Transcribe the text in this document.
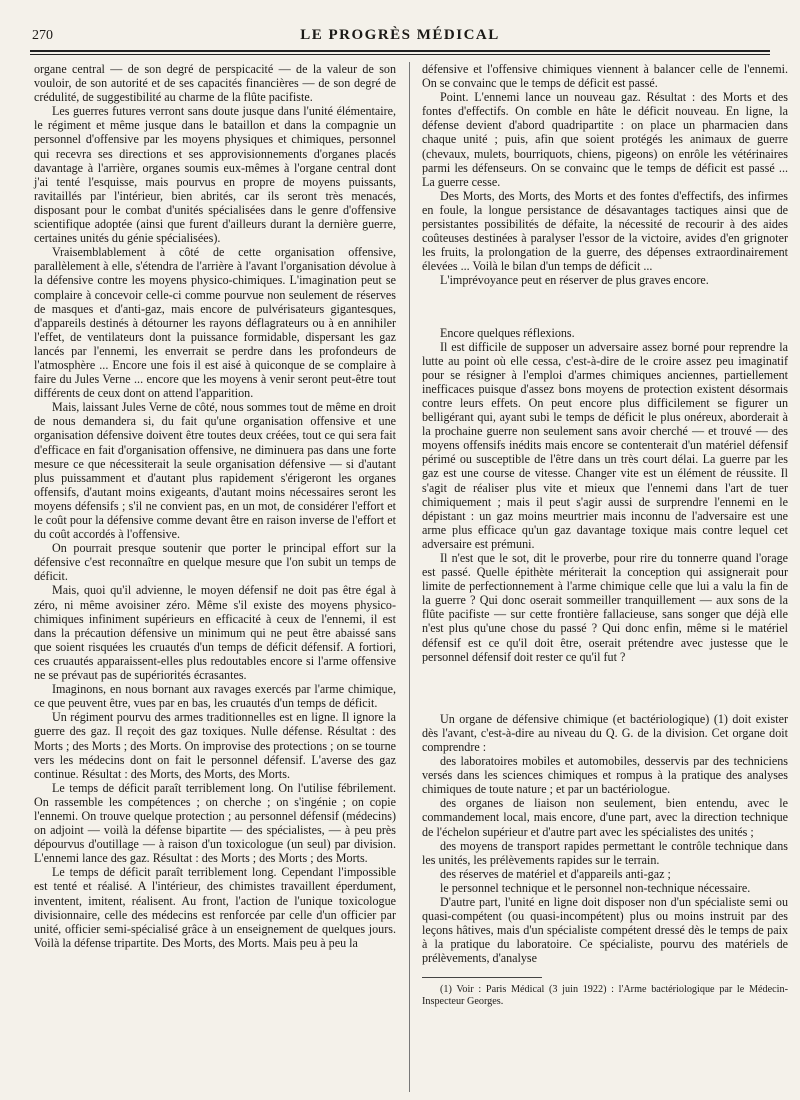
270	LE PROGRÈS MÉDICAL

organe central — de son degré de perspicacité — de la valeur de son vouloir, de son autorité et de ses capacités financières — de son degré de crédulité, de suggestibilité au charme de la flûte pacifiste.

Les guerres futures verront sans doute jusque dans l'unité élémentaire, le régiment et même jusque dans le bataillon et dans la compagnie un personnel d'offensive par les moyens physiques et chimiques, personnel qui recevra ses directions et ses approvisionnements d'organes placés davantage à l'arrière, organes soumis eux-mêmes à l'organe central dont j'ai tenté l'esquisse, mais pourvus en propre de moyens puissants, ravitaillés par l'intérieur, bien abrités, car ils seront très menacés, disposant pour le combat d'unités spécialisées dans le genre d'offensive scientifique adoptée (ainsi que furent d'ailleurs durant la dernière guerre, certaines unités du génie spécialisées).

Vraisemblablement à côté de cette organisation offensive, parallèlement à elle, s'étendra de l'arrière à l'avant l'organisation dévolue à la défensive contre les moyens physico-chimiques. L'imagination peut se complaire à concevoir celle-ci comme pourvue non seulement de réserves de masques et d'anti-gaz, mais encore de pulvérisateurs gigantesques, d'appareils destinés à détourner les rayons déflagrateurs ou à en annihiler l'effet, de ventilateurs dont la puissance formidable, dispersant les gaz lancés par l'ennemi, les enverrait se perdre dans les profondeurs de l'atmosphère ... Encore une fois il est aisé à quiconque de se complaire à faire du Jules Verne ... encore que les moyens à venir seront peut-être tout différents de ceux dont on attend l'apparition.

Mais, laissant Jules Verne de côté, nous sommes tout de même en droit de nous demandera si, du fait qu'une organisation offensive et une organisation défensive doivent être toutes deux créées, tout ce qui sera fait d'efficace en fait d'organisation offensive, ne diminuera pas dans une forte mesure ce que nécessiterait la seule organisation défensive — si d'autant plus puissamment et d'autant plus rapidement s'érigeront les organes offensifs, d'autant moins exigeants, d'autant moins nécessaires seront les moyens défensifs ; s'il ne convient pas, en un mot, de considérer l'effort et le coût pour la défensive comme devant être en raison inverse de l'effort et du coût accordés à l'offensive.

On pourrait presque soutenir que porter le principal effort sur la défensive c'est reconnaître en quelque mesure que l'on subit un temps de déficit.

Mais, quoi qu'il advienne, le moyen défensif ne doit pas être égal à zéro, ni même avoisiner zéro. Même s'il existe des moyens physico-chimiques infiniment supérieurs en efficacité à ceux de l'ennemi, il est dans la précaution défensive un minimum qui ne peut être abaissé sans que soient risquées les cruautés d'un temps de déficit défensif. A fortiori, ces cruautés apparaissent-elles plus redoutables encore si l'arme offensive ne se prévaut pas de supériorités écrasantes.

Imaginons, en nous bornant aux ravages exercés par l'arme chimique, ce que peuvent être, vues par en bas, les cruautés d'un temps de déficit.

Un régiment pourvu des armes traditionnelles est en ligne. Il ignore la guerre des gaz. Il reçoit des gaz toxiques. Nulle défense. Résultat : des Morts ; des Morts ; des Morts. On improvise des protections ; on se tourne vers les médecins dont on fait le personnel défensif. L'averse des gaz continue. Résultat : des Morts, des Morts, des Morts.

Le temps de déficit paraît terriblement long. On l'utilise fébrilement. On rassemble les compétences ; on cherche ; on s'ingénie ; on copie l'ennemi. On trouve quelque protection ; au personnel défensif (médecins) on adjoint — voilà la défense bipartite — des spécialistes, — à peu près dépourvus d'outillage — à raison d'un toxicologue (un seul) par division. L'ennemi lance des gaz. Résultat : des Morts ; des Morts ; des Morts.

Le temps de déficit paraît terriblement long. Cependant l'impossible est tenté et réalisé. A l'intérieur, des chimistes travaillent éperdument, inventent, imitent, réalisent. Au front, l'action de l'unique toxicologue divisionnaire, celle des médecins est renforcée par celle d'un officier par unité, officier semi-spécialisé grâce à un enseignement de quelques jours. Voilà la défense tripartite. Des Morts, des Morts. Mais peu à peu la

défensive et l'offensive chimiques viennent à balancer celle de l'ennemi. On se convainc que le temps de déficit est passé.

Point. L'ennemi lance un nouveau gaz. Résultat : des Morts et des fontes d'effectifs. On comble en hâte le déficit nouveau. En ligne, la défense devient d'abord quadripartite : on place un pharmacien dans chaque unité ; puis, afin que soient protégés les animaux de guerre (chevaux, mulets, bourriquots, chiens, pigeons) on enrôle les vétérinaires parmi les défenseurs. On se convainc que le temps de déficit est passé ... La guerre cesse.

Des Morts, des Morts, des Morts et des fontes d'effectifs, des infirmes en foule, la longue persistance de désavantages tactiques ainsi que de persistantes possibilités de défaite, la nécessité de recourir à des aides coûteuses destinées à paralyser l'essor de la victoire, avides d'en grignoter les fruits, la prolongation de la guerre, des dépenses extraordinairement élevées ... Voilà le bilan d'un temps de déficit ...

L'imprévoyance peut en réserver de plus graves encore.

Encore quelques réflexions.

Il est difficile de supposer un adversaire assez borné pour reprendre la lutte au point où elle cessa, c'est-à-dire de le croire assez peu imaginatif pour se résigner à l'emploi d'armes chimiques anciennes, partiellement inefficaces puisque d'assez bons moyens de protection existent désormais contre leurs effets. On peut encore plus difficilement se figurer un belligérant qui, ayant subi le temps de déficit le plus onéreux, aborderait à la prochaine guerre non seulement sans avoir cherché — et trouvé — des moyens offensifs inédits mais encore se contenterait d'un matériel défensif périmé ou susceptible de l'être dans un très court délai. La guerre par les gaz est une course de vitesse. Changer vite est un élément de réussite. Il s'agit de réaliser plus vite et mieux que l'ennemi dans l'art de tuer chimiquement ; mais il peut s'agir aussi de surprendre l'ennemi en le dépistant : un gaz moins meurtrier mais inconnu de l'adversaire est une arme plus efficace qu'un gaz davantage toxique mais contre lequel cet adversaire est prémuni.

Il n'est que le sot, dit le proverbe, pour rire du tonnerre quand l'orage est passé. Quelle épithète mériterait la conception qui assignerait pour limite de perfectionnement à l'arme chimique celle que lui a valu la fin de la guerre ? Qui donc oserait sommeiller tranquillement — aux sons de la flûte pacifiste — sur cette frontière fallacieuse, sans songer que déjà elle n'est plus qu'une chose du passé ? Qui donc enfin, même si le matériel défensif est ce qu'il doit être, oserait prétendre avec justesse que le personnel défensif doit rester ce qu'il fut ?

Un organe de défensive chimique (et bactériologique) (1) doit exister dès l'avant, c'est-à-dire au niveau du Q. G. de la division. Cet organe doit comprendre :

des laboratoires mobiles et automobiles, desservis par des techniciens versés dans les sciences chimiques et rompus à la pratique des analyses chimiques de toute nature ; et par un bactériologue.

des organes de liaison non seulement, bien entendu, avec le commandement local, mais encore, d'une part, avec la direction technique de l'échelon supérieur et d'autre part avec les spécialistes des unités ;

des moyens de transport rapides permettant le contrôle technique dans les unités, les prélèvements rapides sur le terrain.

des réserves de matériel et d'appareils anti-gaz ;

le personnel technique et le personnel non-technique nécessaire.

D'autre part, l'unité en ligne doit disposer non d'un spécialiste semi ou quasi-compétent (ou quasi-incompétent) plus ou moins instruit par des leçons hâtives, mais d'un spécialiste compétent dressé dès le temps de paix à la pratique du laboratoire. Ce spécialiste, pourvu des matériels de prélèvements, d'analyse

(1) Voir : Paris Médical (3 juin 1922) : l'Arme bactériologique par le Médecin-Inspecteur Georges.
